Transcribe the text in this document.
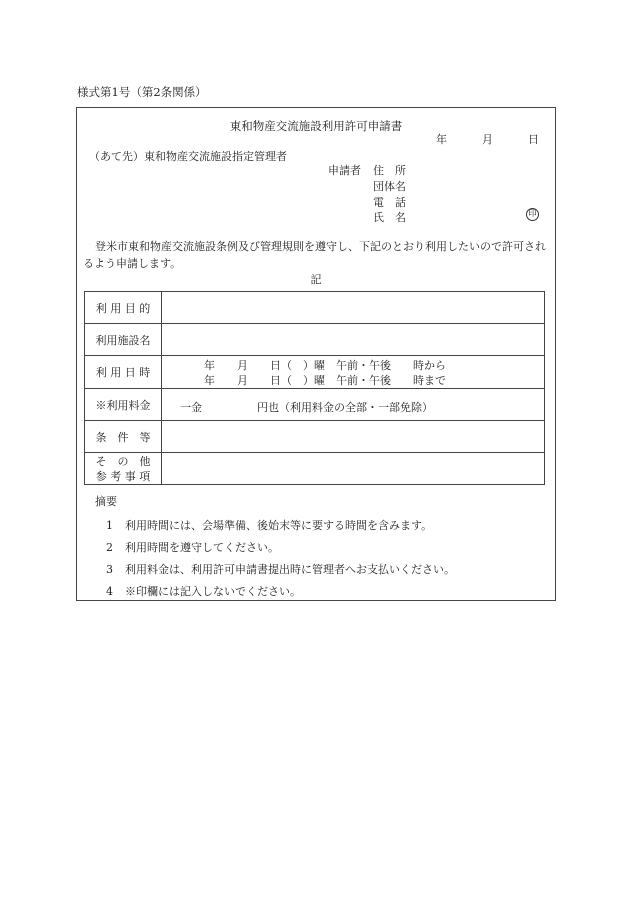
様式第1号（第2条関係）
東和物産交流施設利用許可申請書
年	月	日
（あて先）東和物産交流施設指定管理者
申請者 住　所
団体名
電　話
氏　名	印
登米市東和物産交流施設条例及び管理規則を遵守し、下記のとおり利用したいので許可されるよう申請します。
記
利 用 目 的	
利用施設名	
利 用 日 時	年　　月　　日（　）曜　午前・午後　　時から
年　　月　　日（　）曜　午前・午後　　時まで

※利用料金	一金　　　　　円也（利用料金の全部・一部免除）

条　件　等	

そ　の　他
参 考 事 項	

摘要
1 利用時間には、会場準備、後始末等に要する時間を含みます。
2 利用時間を遵守してください。
3 利用料金は、利用許可申請書提出時に管理者へお支払いください。
4 ※印欄には記入しないでください。
